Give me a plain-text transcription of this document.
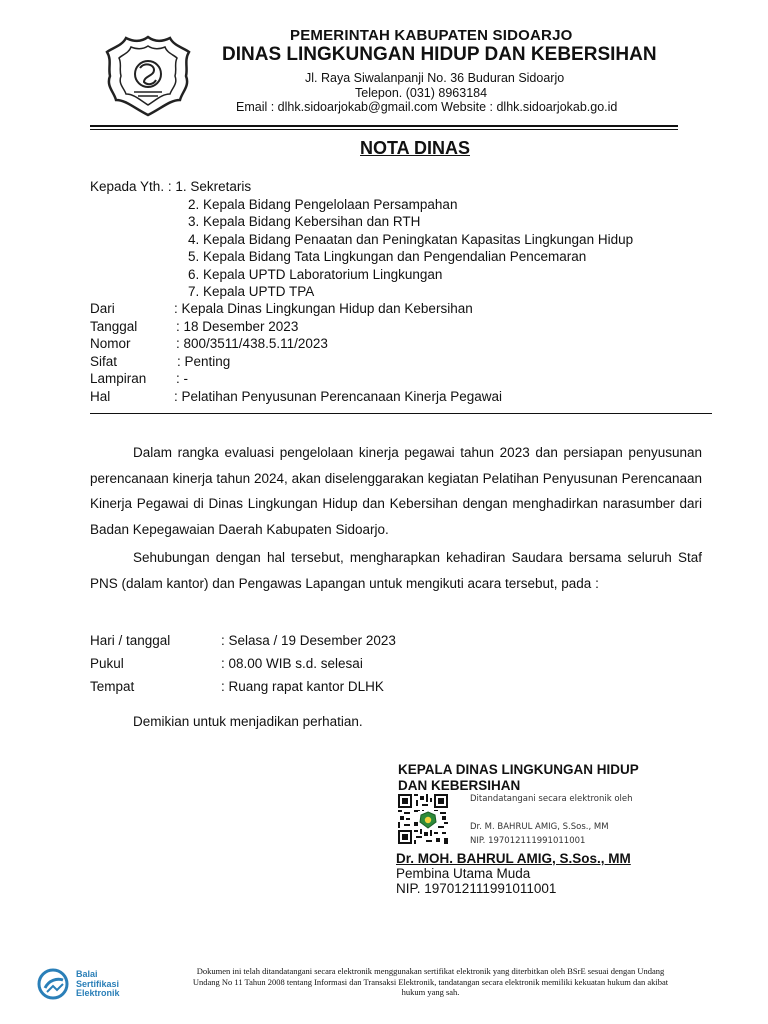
PEMERINTAH KABUPATEN SIDOARJO
DINAS LINGKUNGAN HIDUP DAN KEBERSIHAN
Jl. Raya Siwalanpanji No. 36 Buduran Sidoarjo
Telepon. (031) 8963184
Email : dlhk.sidoarjokab@gmail.com Website : dlhk.sidoarjokab.go.id
NOTA DINAS
Kepada Yth. : 1. Sekretaris
2. Kepala Bidang Pengelolaan Persampahan
3. Kepala Bidang Kebersihan dan RTH
4. Kepala Bidang Penaatan dan Peningkatan Kapasitas Lingkungan Hidup
5. Kepala Bidang Tata Lingkungan dan Pengendalian Pencemaran
6. Kepala UPTD Laboratorium Lingkungan
7. Kepala UPTD TPA
Dari	: Kepala Dinas Lingkungan Hidup dan Kebersihan
Tanggal	: 18 Desember 2023
Nomor	: 800/3511/438.5.11/2023
Sifat	: Penting
Lampiran : -
Hal	: Pelatihan Penyusunan Perencanaan Kinerja Pegawai
Dalam rangka evaluasi pengelolaan kinerja pegawai tahun 2023 dan persiapan penyusunan perencanaan kinerja tahun 2024, akan diselenggarakan kegiatan Pelatihan Penyusunan Perencanaan Kinerja Pegawai di Dinas Lingkungan Hidup dan Kebersihan dengan menghadirkan narasumber dari Badan Kepegawaian Daerah Kabupaten Sidoarjo.
Sehubungan dengan hal tersebut, mengharapkan kehadiran Saudara bersama seluruh Staf PNS (dalam kantor) dan Pengawas Lapangan untuk mengikuti acara tersebut, pada :
Hari / tanggal	: Selasa / 19 Desember 2023
Pukul	: 08.00 WIB s.d. selesai
Tempat	: Ruang rapat kantor DLHK
Demikian untuk menjadikan perhatian.
KEPALA DINAS LINGKUNGAN HIDUP
DAN KEBERSIHAN
Ditandatangani secara elektronik oleh
Dr. M. BAHRUL AMIG, S.Sos., MM
NIP. 197012111991011001
Dr. MOH. BAHRUL AMIG, S.Sos., MM
Pembina Utama Muda
NIP. 197012111991011001
Balai
Sertifikasi
Elektronik
Dokumen ini telah ditandatangani secara elektronik menggunakan sertifikat elektronik yang diterbitkan oleh BSrE sesuai dengan Undang
Undang No 11 Tahun 2008 tentang Informasi dan Transaksi Elektronik, tandatangan secara elektronik memiliki kekuatan hukum dan akibat
hukum yang sah.
